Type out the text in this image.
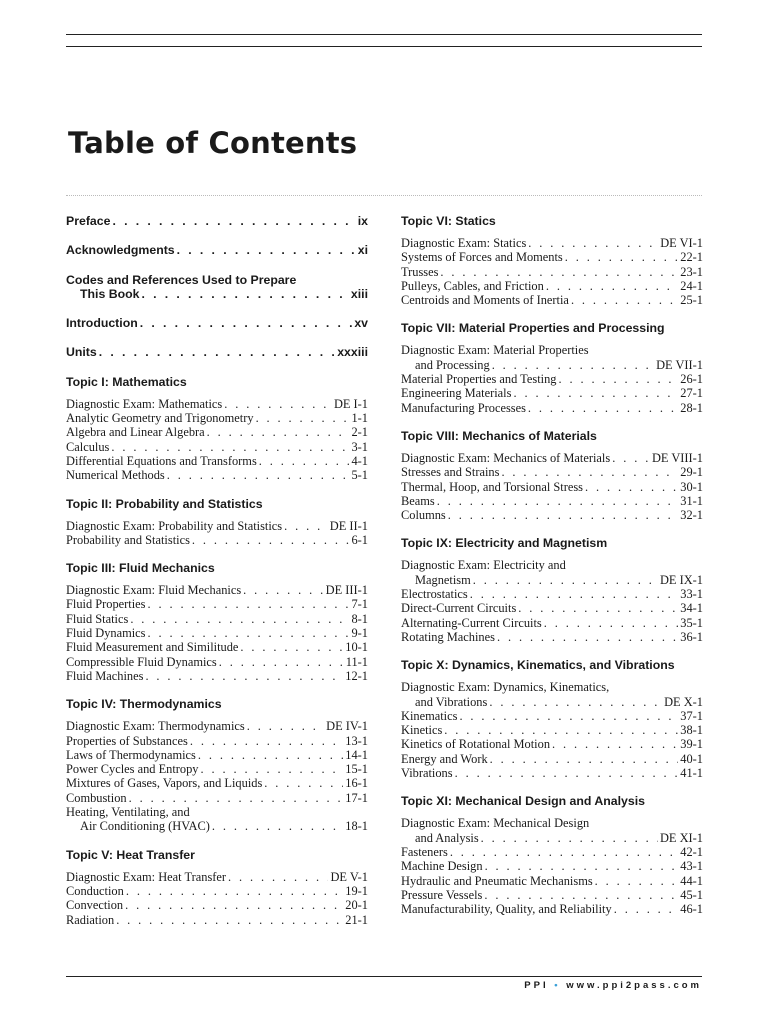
Table of Contents
Preface . . .	ix
Acknowledgments . . .	xi
Codes and References Used to Prepare
This Book . . .	xiii
Introduction . . .	xv
Units . . .	xxxiii
Topic I: Mathematics
Diagnostic Exam: Mathematics . . .	DE I-1
Analytic Geometry and Trigonometry . . .	1-1
Algebra and Linear Algebra . . .	2-1
Calculus . . .	3-1
Differential Equations and Transforms . . .	4-1
Numerical Methods . . .	5-1
Topic II: Probability and Statistics
Diagnostic Exam: Probability and Statistics . . .	DE II-1
Probability and Statistics . . .	6-1
Topic III: Fluid Mechanics
Diagnostic Exam: Fluid Mechanics . . .	DE III-1
Fluid Properties . . .	7-1
Fluid Statics . . .	8-1
Fluid Dynamics . . .	9-1
Fluid Measurement and Similitude . . .	10-1
Compressible Fluid Dynamics . . .	11-1
Fluid Machines . . .	12-1
Topic IV: Thermodynamics
Diagnostic Exam: Thermodynamics . . .	DE IV-1
Properties of Substances . . .	13-1
Laws of Thermodynamics . . .	14-1
Power Cycles and Entropy . . .	15-1
Mixtures of Gases, Vapors, and Liquids . . .	16-1
Combustion . . .	17-1
Heating, Ventilating, and
Air Conditioning (HVAC) . . .	18-1
Topic V: Heat Transfer
Diagnostic Exam: Heat Transfer . . .	DE V-1
Conduction . . .	19-1
Convection . . .	20-1
Radiation . . .	21-1
Topic VI: Statics
Diagnostic Exam: Statics . . .	DE VI-1
Systems of Forces and Moments . . .	22-1
Trusses . . .	23-1
Pulleys, Cables, and Friction . . .	24-1
Centroids and Moments of Inertia . . .	25-1
Topic VII: Material Properties and Processing
Diagnostic Exam: Material Properties
and Processing . . .	DE VII-1
Material Properties and Testing . . .	26-1
Engineering Materials . . .	27-1
Manufacturing Processes . . .	28-1
Topic VIII: Mechanics of Materials
Diagnostic Exam: Mechanics of Materials . . .	DE VIII-1
Stresses and Strains . . .	29-1
Thermal, Hoop, and Torsional Stress . . .	30-1
Beams . . .	31-1
Columns . . .	32-1
Topic IX: Electricity and Magnetism
Diagnostic Exam: Electricity and
Magnetism . . .	DE IX-1
Electrostatics . . .	33-1
Direct-Current Circuits . . .	34-1
Alternating-Current Circuits . . .	35-1
Rotating Machines . . .	36-1
Topic X: Dynamics, Kinematics, and Vibrations
Diagnostic Exam: Dynamics, Kinematics,
and Vibrations . . .	DE X-1
Kinematics . . .	37-1
Kinetics . . .	38-1
Kinetics of Rotational Motion . . .	39-1
Energy and Work . . .	40-1
Vibrations . . .	41-1
Topic XI: Mechanical Design and Analysis
Diagnostic Exam: Mechanical Design
and Analysis . . .	DE XI-1
Fasteners . . .	42-1
Machine Design . . .	43-1
Hydraulic and Pneumatic Mechanisms . . .	44-1
Pressure Vessels . . .	45-1
Manufacturability, Quality, and Reliability . . .	46-1
PPI • www.ppi2pass.com
